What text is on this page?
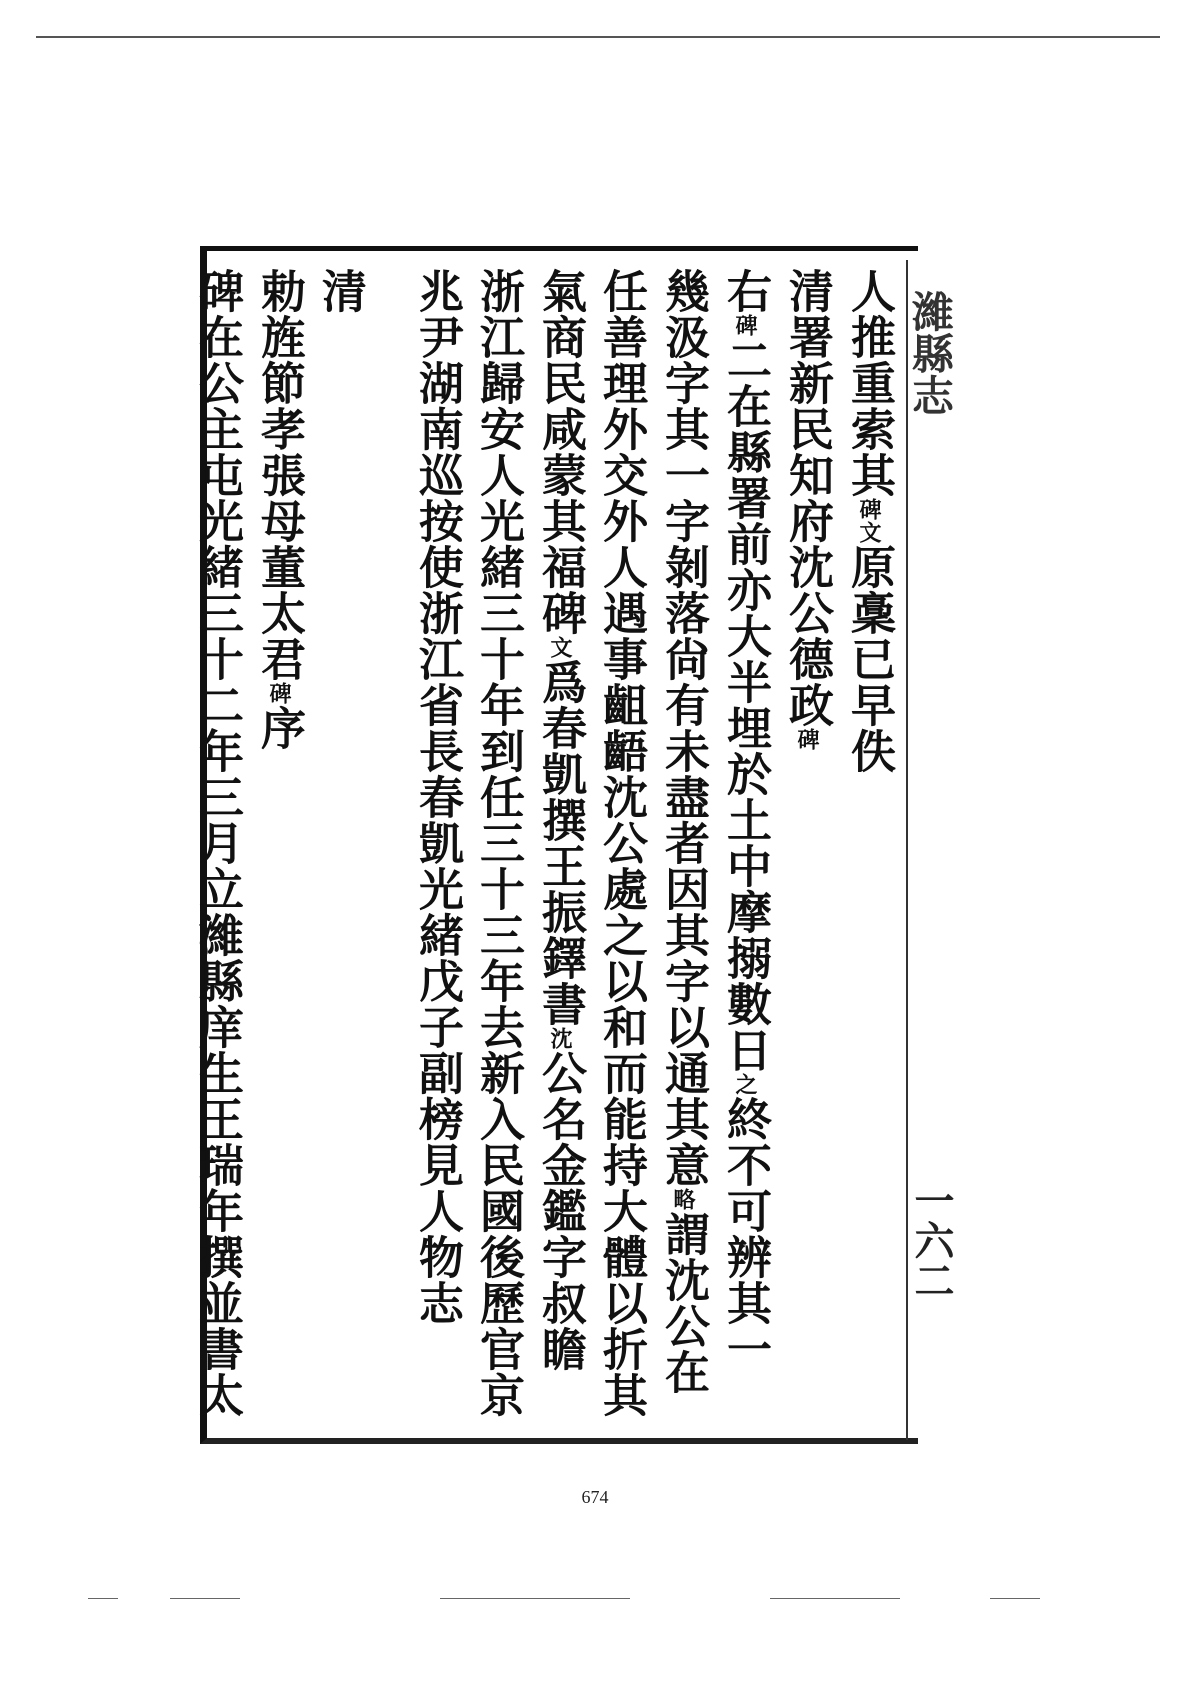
濰縣志
一六二
人推重索其碑文原稾已早佚
清署新民知府沈公德政碑
右碑二在縣署前亦大半埋於土中摩搦數日之終不可辨其一
幾汲字其一字剝落尙有未盡者因其字以通其意略謂沈公在
任善理外交外人遇事齟齬沈公處之以和而能持大體以折其
氣商民咸蒙其福碑文爲春凱撰王振鐸書沈公名金鑑字叔瞻
浙江歸安人光緒三十年到任三十三年去新入民國後歷官京
兆尹湖南巡按使浙江省長春凱光緒戊子副榜見人物志
清
勅旌節孝張母董太君碑序
碑在公主屯光緒三十二年三月立濰縣庠生王瑞年撰並書太
674
